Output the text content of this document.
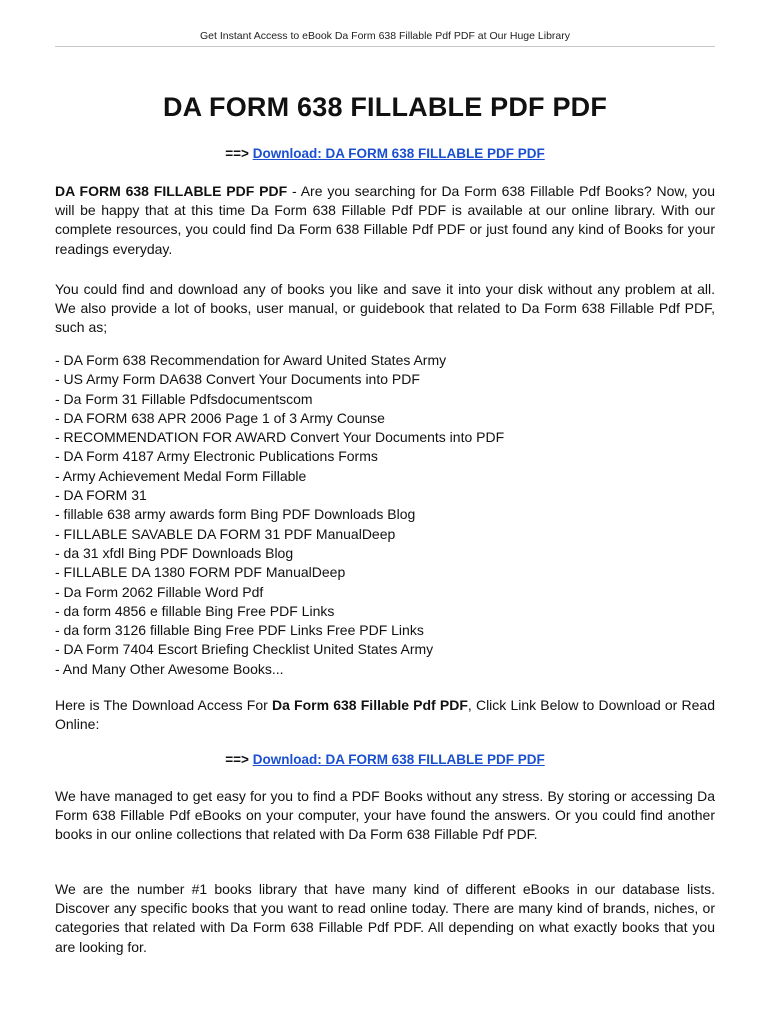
Get Instant Access to eBook Da Form 638 Fillable Pdf PDF at Our Huge Library
DA FORM 638 FILLABLE PDF PDF
==> Download: DA FORM 638 FILLABLE PDF PDF

DA FORM 638 FILLABLE PDF PDF - Are you searching for Da Form 638 Fillable Pdf Books? Now, you will be happy that at this time Da Form 638 Fillable Pdf PDF is available at our online library. With our complete resources, you could find Da Form 638 Fillable Pdf PDF or just found any kind of Books for your readings everyday.

You could find and download any of books you like and save it into your disk without any problem at all. We also provide a lot of books, user manual, or guidebook that related to Da Form 638 Fillable Pdf PDF, such as;

- DA Form 638 Recommendation for Award United States Army
- US Army Form DA638 Convert Your Documents into PDF
- Da Form 31 Fillable Pdfsdocumentscom
- DA FORM 638 APR 2006 Page 1 of 3 Army Counse
- RECOMMENDATION FOR AWARD Convert Your Documents into PDF
- DA Form 4187 Army Electronic Publications Forms
- Army Achievement Medal Form Fillable
- DA FORM 31
- fillable 638 army awards form Bing PDF Downloads Blog
- FILLABLE SAVABLE DA FORM 31 PDF ManualDeep
- da 31 xfdl Bing PDF Downloads Blog
- FILLABLE DA 1380 FORM PDF ManualDeep
- Da Form 2062 Fillable Word Pdf
- da form 4856 e fillable Bing Free PDF Links
- da form 3126 fillable Bing Free PDF Links Free PDF Links
- DA Form 7404 Escort Briefing Checklist United States Army
- And Many Other Awesome Books...

Here is The Download Access For Da Form 638 Fillable Pdf PDF, Click Link Below to Download or Read Online:

==> Download: DA FORM 638 FILLABLE PDF PDF

We have managed to get easy for you to find a PDF Books without any stress. By storing or accessing Da Form 638 Fillable Pdf eBooks on your computer, your have found the answers. Or you could find another books in our online collections that related with Da Form 638 Fillable Pdf PDF.

We are the number #1 books library that have many kind of different eBooks in our database lists. Discover any specific books that you want to read online today. There are many kind of brands, niches, or categories that related with Da Form 638 Fillable Pdf PDF. All depending on what exactly books that you are looking for.
